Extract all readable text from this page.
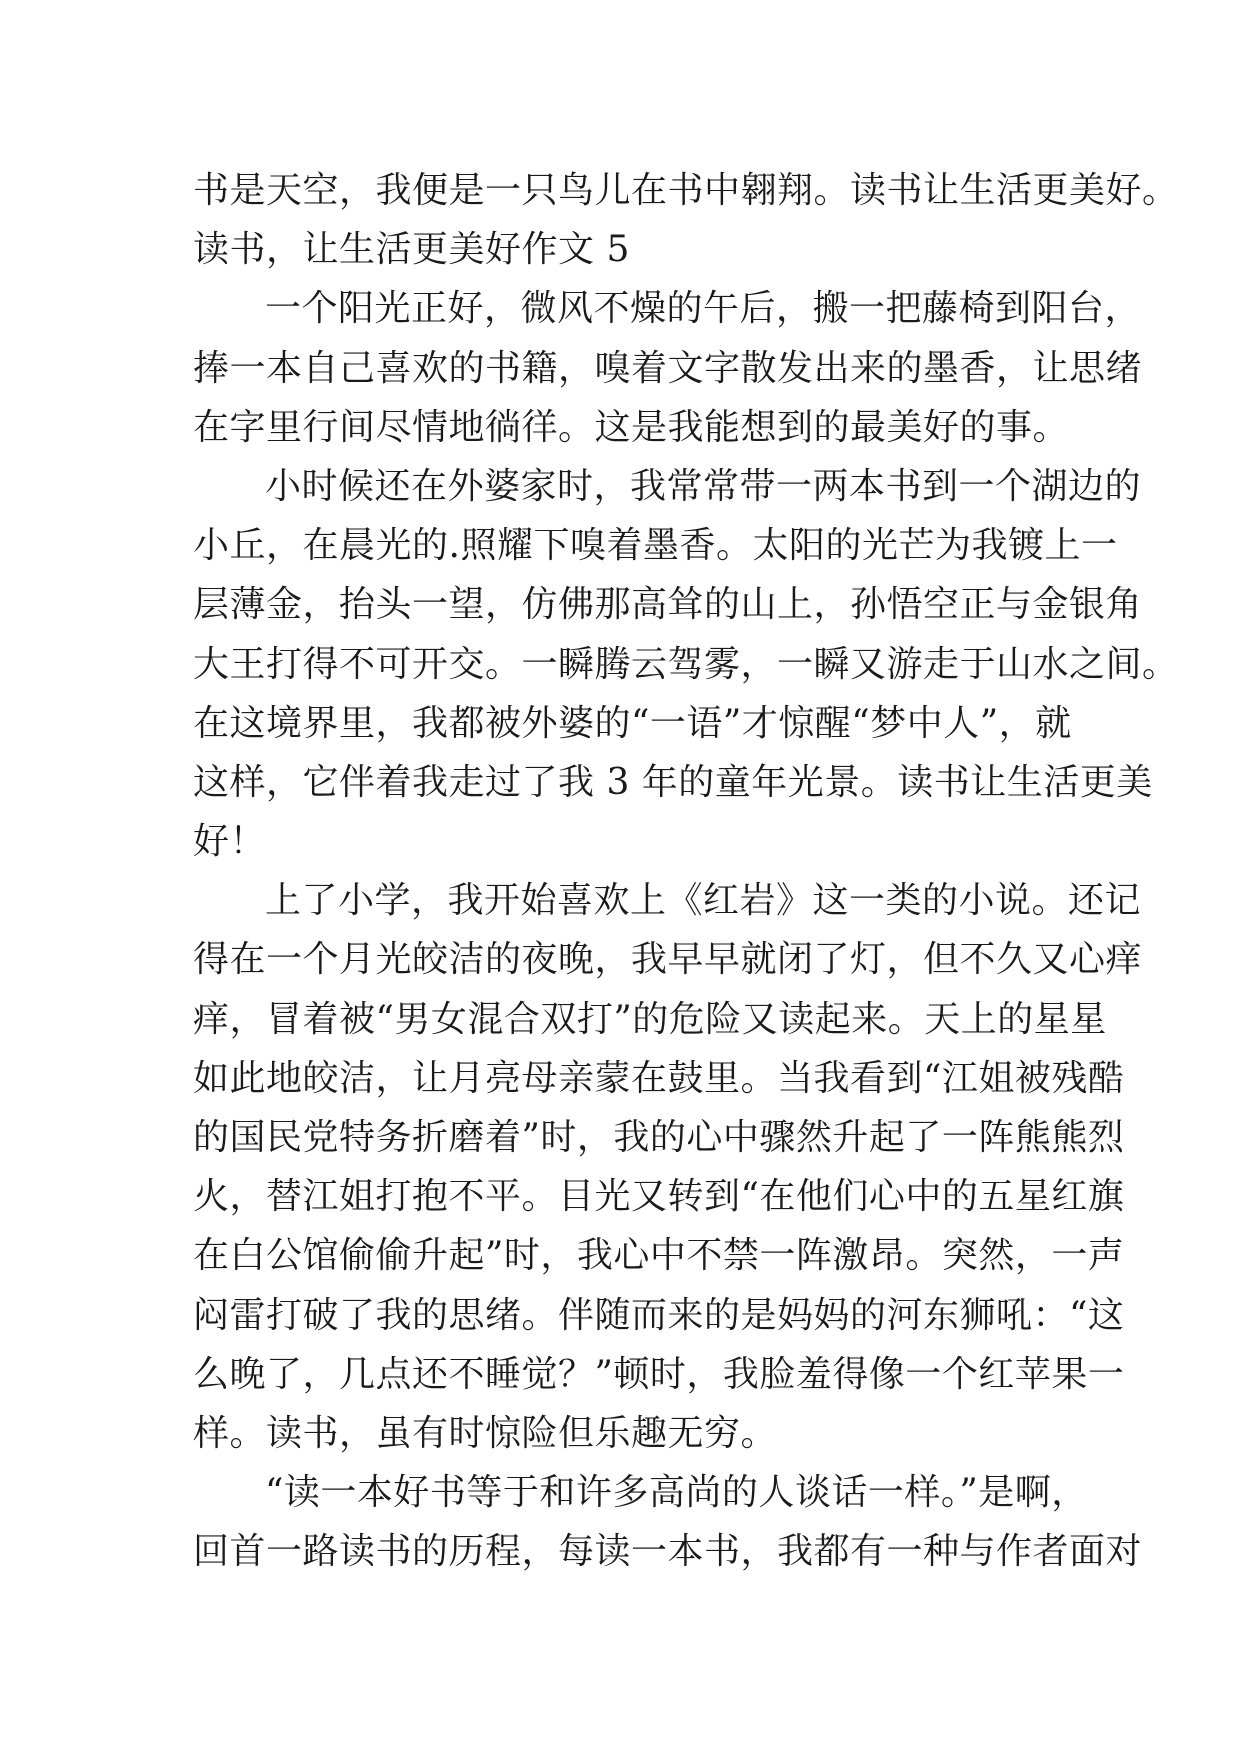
书是天空，我便是一只鸟儿在书中翱翔。读书让生活更美好。
读书，让生活更美好作文 5
一个阳光正好，微风不燥的午后，搬一把藤椅到阳台，
捧一本自己喜欢的书籍，嗅着文字散发出来的墨香，让思绪
在字里行间尽情地徜徉。这是我能想到的最美好的事。
小时候还在外婆家时，我常常带一两本书到一个湖边的
小丘，在晨光的.照耀下嗅着墨香。太阳的光芒为我镀上一
层薄金，抬头一望，仿佛那高耸的山上，孙悟空正与金银角
大王打得不可开交。一瞬腾云驾雾，一瞬又游走于山水之间。
在这境界里，我都被外婆的“一语”才惊醒“梦中人”，就
这样，它伴着我走过了我 3 年的童年光景。读书让生活更美
好！
上了小学，我开始喜欢上《红岩》这一类的小说。还记
得在一个月光皎洁的夜晚，我早早就闭了灯，但不久又心痒
痒，冒着被“男女混合双打”的危险又读起来。天上的星星
如此地皎洁，让月亮母亲蒙在鼓里。当我看到“江姐被残酷
的国民党特务折磨着”时，我的心中骤然升起了一阵熊熊烈
火，替江姐打抱不平。目光又转到“在他们心中的五星红旗
在白公馆偷偷升起”时，我心中不禁一阵激昂。突然，一声
闷雷打破了我的思绪。伴随而来的是妈妈的河东狮吼：“这
么晚了，几点还不睡觉？”顿时，我脸羞得像一个红苹果一
样。读书，虽有时惊险但乐趣无穷。
“读一本好书等于和许多高尚的人谈话一样。”是啊，
回首一路读书的历程，每读一本书，我都有一种与作者面对
